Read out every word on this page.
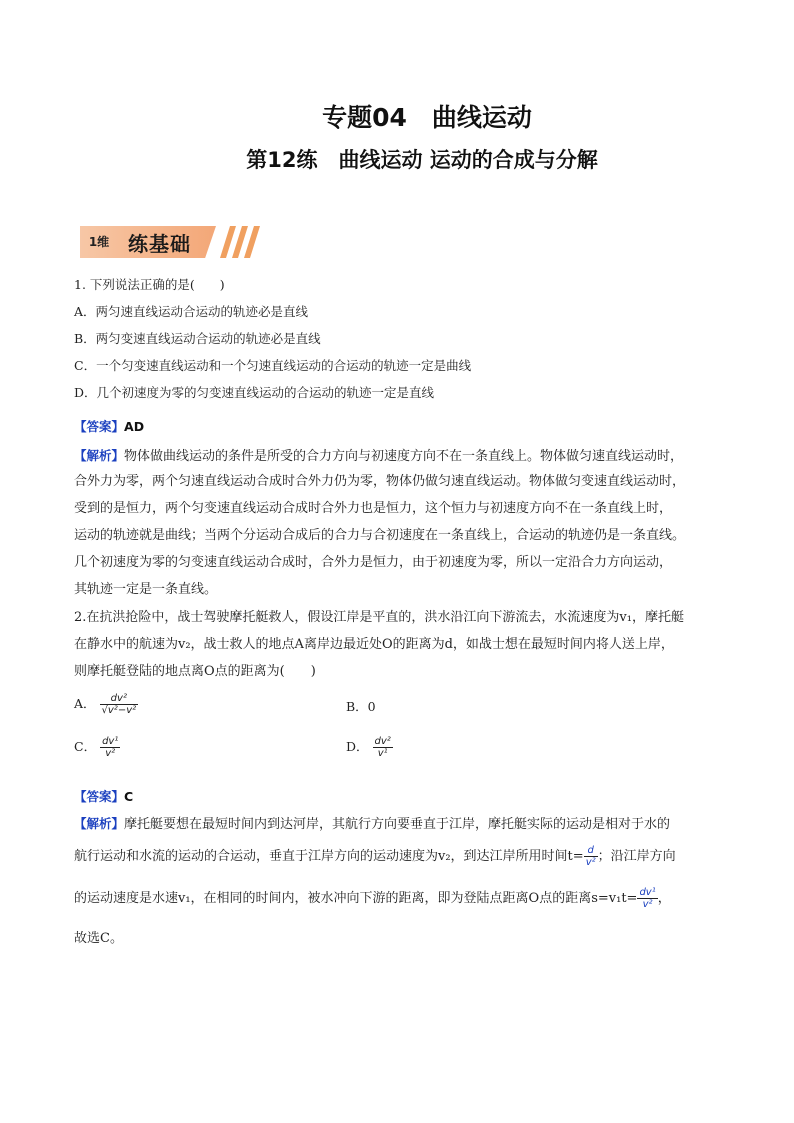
专题04　曲线运动
第12练　曲线运动 运动的合成与分解
1维 练基础
1. 下列说法正确的是(　　)
A．两匀速直线运动合运动的轨迹必是直线
B．两匀变速直线运动合运动的轨迹必是直线
C．一个匀变速直线运动和一个匀速直线运动的合运动的轨迹一定是曲线
D．几个初速度为零的匀变速直线运动的合运动的轨迹一定是直线
【答案】AD
【解析】物体做曲线运动的条件是所受的合力方向与初速度方向不在一条直线上。物体做匀速直线运动时，
合外力为零，两个匀速直线运动合成时合外力仍为零，物体仍做匀速直线运动。物体做匀变速直线运动时，
受到的是恒力，两个匀变速直线运动合成时合外力也是恒力，这个恒力与初速度方向不在一条直线上时，
运动的轨迹就是曲线；当两个分运动合成后的合力与合初速度在一条直线上，合运动的轨迹仍是一条直线。
几个初速度为零的匀变速直线运动合成时，合外力是恒力，由于初速度为零，所以一定沿合力方向运动，
其轨迹一定是一条直线。
2.在抗洪抢险中，战士驾驶摩托艇救人，假设江岸是平直的，洪水沿江向下游流去，水流速度为v₁，摩托艇
在静水中的航速为v₂，战士救人的地点A离岸边最近处O的距离为d，如战士想在最短时间内将人送上岸，
则摩托艇登陆的地点离O点的距离为(　　)
A． $\frac{\text{dv²}}{\text{√v²−v²}}$	B．0
C． $\frac{\text{dv¹}}{\text{v²}}$	D． $\frac{\text{dv²}}{\text{v¹}}$
【答案】C
【解析】摩托艇要想在最短时间内到达河岸，其航行方向要垂直于江岸，摩托艇实际的运动是相对于水的
航行运动和水流的运动的合运动，垂直于江岸方向的运动速度为v₂，到达江岸所用时间$t= \frac{d}{\text{v²}}$ ；沿江岸方向
的运动速度是水速v₁，在相同的时间内，被水冲向下游的距离，即为登陆点距离O点的距离$s=v_1t= \frac{\text{dv¹}}{\text{v²}}$ ，
故选C。
